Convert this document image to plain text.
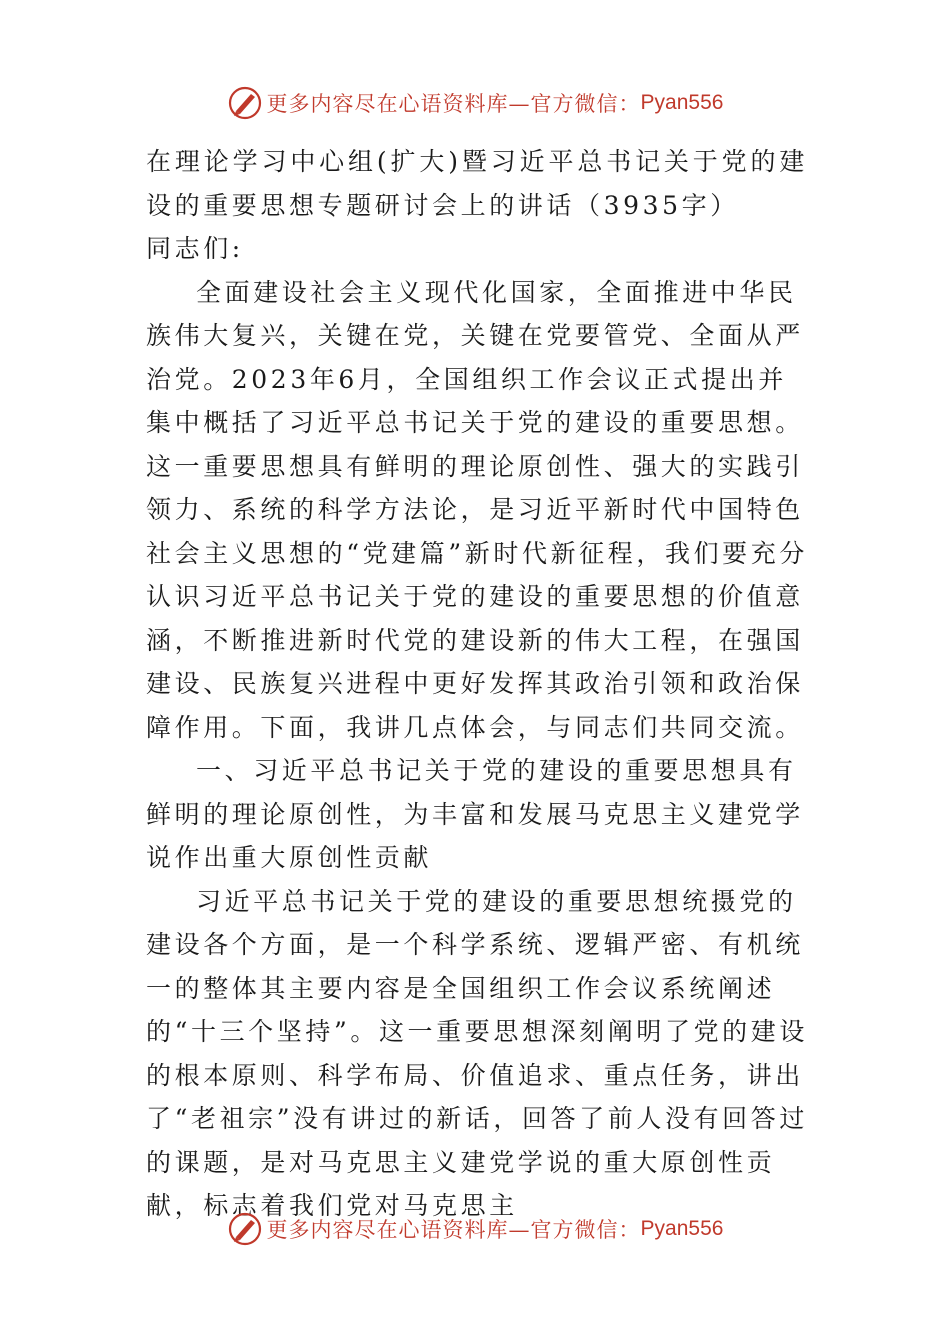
更多内容尽在心语资料库—官方微信： Pyan556

在理论学习中心组(扩大)暨习近平总书记关于党的建设的重要思想专题研讨会上的讲话（3935字）

同志们:

全面建设社会主义现代化国家，全面推进中华民族伟大复兴，关键在党，关键在党要管党、全面从严治党。2023年6月，全国组织工作会议正式提出并集中概括了习近平总书记关于党的建设的重要思想。这一重要思想具有鲜明的理论原创性、强大的实践引领力、系统的科学方法论，是习近平新时代中国特色社会主义思想的“党建篇”新时代新征程，我们要充分认识习近平总书记关于党的建设的重要思想的价值意涵，不断推进新时代党的建设新的伟大工程，在强国建设、民族复兴进程中更好发挥其政治引领和政治保障作用。下面，我讲几点体会，与同志们共同交流。

一、习近平总书记关于党的建设的重要思想具有鲜明的理论原创性，为丰富和发展马克思主义建党学说作出重大原创性贡献

习近平总书记关于党的建设的重要思想统摄党的建设各个方面，是一个科学系统、逻辑严密、有机统一的整体其主要内容是全国组织工作会议系统阐述的“十三个坚持”。这一重要思想深刻阐明了党的建设的根本原则、科学布局、价值追求、重点任务，讲出了“老祖宗”没有讲过的新话，回答了前人没有回答过的课题，是对马克思主义建党学说的重大原创性贡献，标志着我们党对马克思主

更多内容尽在心语资料库—官方微信： Pyan556
